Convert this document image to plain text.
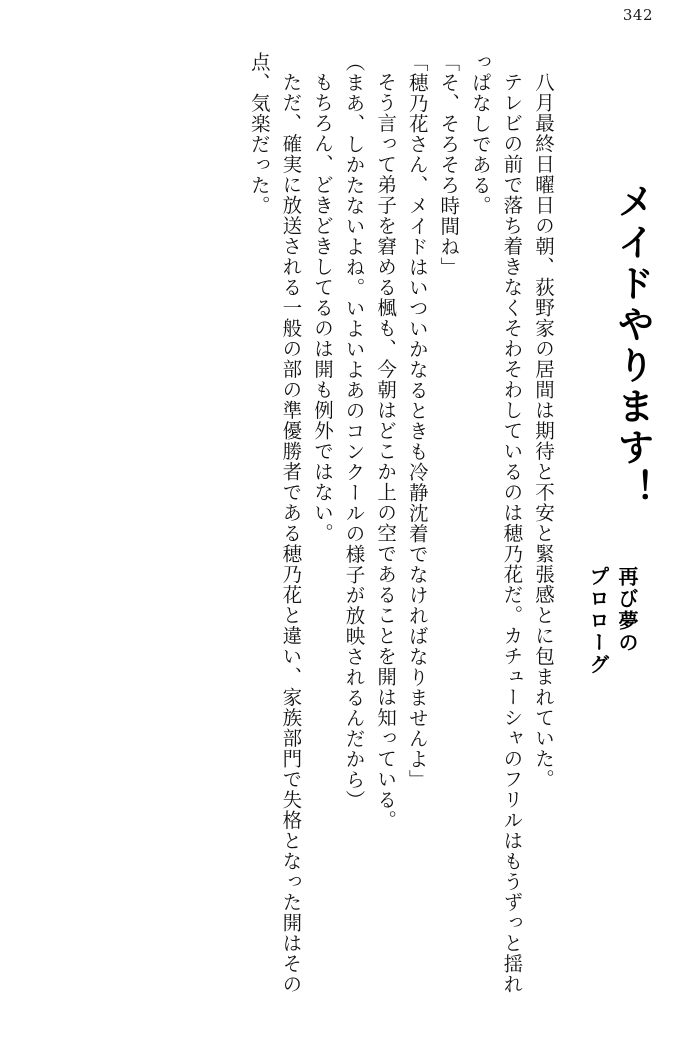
342
メイドやります！
再び夢の
プロローグ

八月最終日曜日の朝、荻野家の居間は期待と不安と緊張感とに包まれていた。

テレビの前で落ち着きなくそわそわしているのは穂乃花だ。カチューシャのフリルはもうずっと揺れっぱなしである。

「そ、そろそろ時間ね」

「穂乃花さん、メイドはいついかなるときも冷静沈着でなければなりませんよ」

そう言って弟子を窘める楓も、今朝はどこか上の空であることを開は知っている。

（まあ、しかたないよね。いよいよあのコンクールの様子が放映されるんだから）

もちろん、どきどきしてるのは開も例外ではない。

ただ、確実に放送される一般の部の準優勝者である穂乃花と違い、家族部門で失格となった開はその点、気楽だった。
